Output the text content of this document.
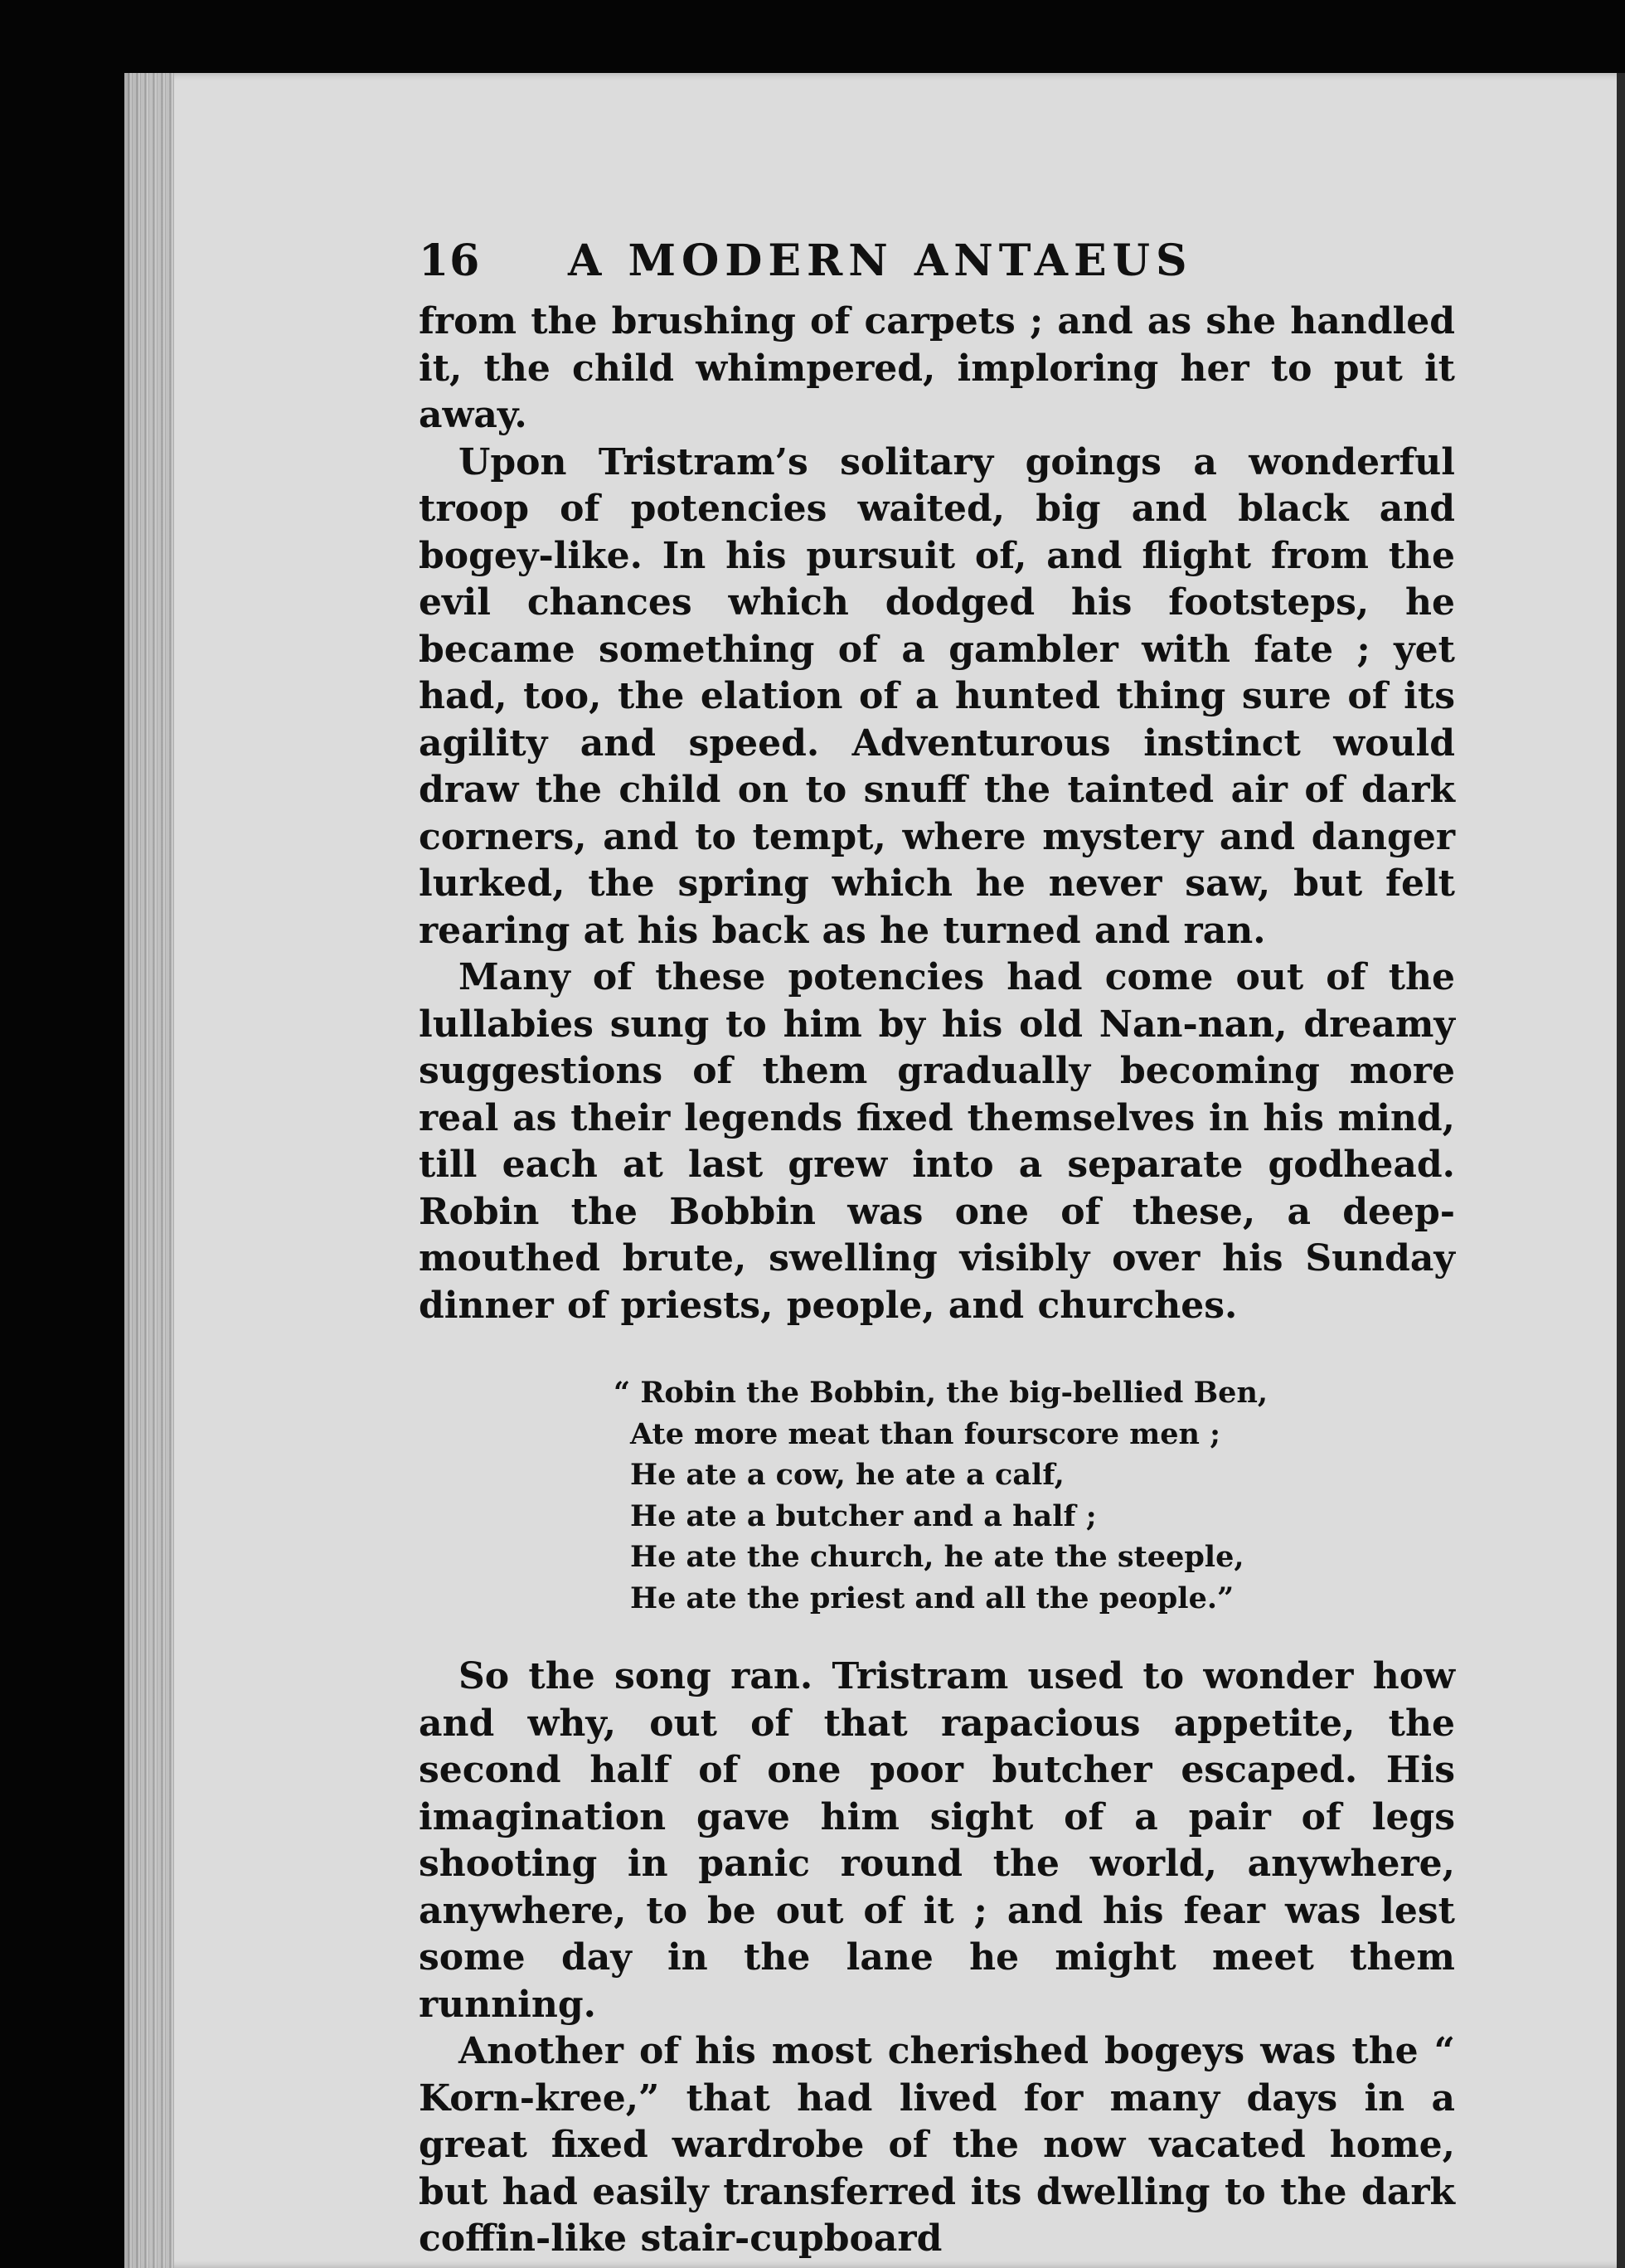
16	A MODERN ANTAEUS

from the brushing of carpets ; and as she handled it, the child whimpered, imploring her to put it away.

Upon Tristram’s solitary goings a wonderful troop of potencies waited, big and black and bogey-like. In his pursuit of, and flight from the evil chances which dodged his footsteps, he became something of a gambler with fate ; yet had, too, the elation of a hunted thing sure of its agility and speed. Adventurous instinct would draw the child on to snuff the tainted air of dark corners, and to tempt, where mystery and danger lurked, the spring which he never saw, but felt rearing at his back as he turned and ran.

Many of these potencies had come out of the lullabies sung to him by his old Nan-nan, dreamy suggestions of them gradually becoming more real as their legends fixed themselves in his mind, till each at last grew into a separate godhead. Robin the Bobbin was one of these, a deep-mouthed brute, swelling visibly over his Sunday dinner of priests, people, and churches.

“ Robin the Bobbin, the big-bellied Ben,
Ate more meat than fourscore men ;
He ate a cow, he ate a calf,
He ate a butcher and a half ;
He ate the church, he ate the steeple,
He ate the priest and all the people.”

So the song ran. Tristram used to wonder how and why, out of that rapacious appetite, the second half of one poor butcher escaped. His imagination gave him sight of a pair of legs shooting in panic round the world, anywhere, anywhere, to be out of it ; and his fear was lest some day in the lane he might meet them running.

Another of his most cherished bogeys was the “ Korn-kree,” that had lived for many days in a great fixed wardrobe of the now vacated home, but had easily transferred its dwelling to the dark coffin-like stair-cupboard
